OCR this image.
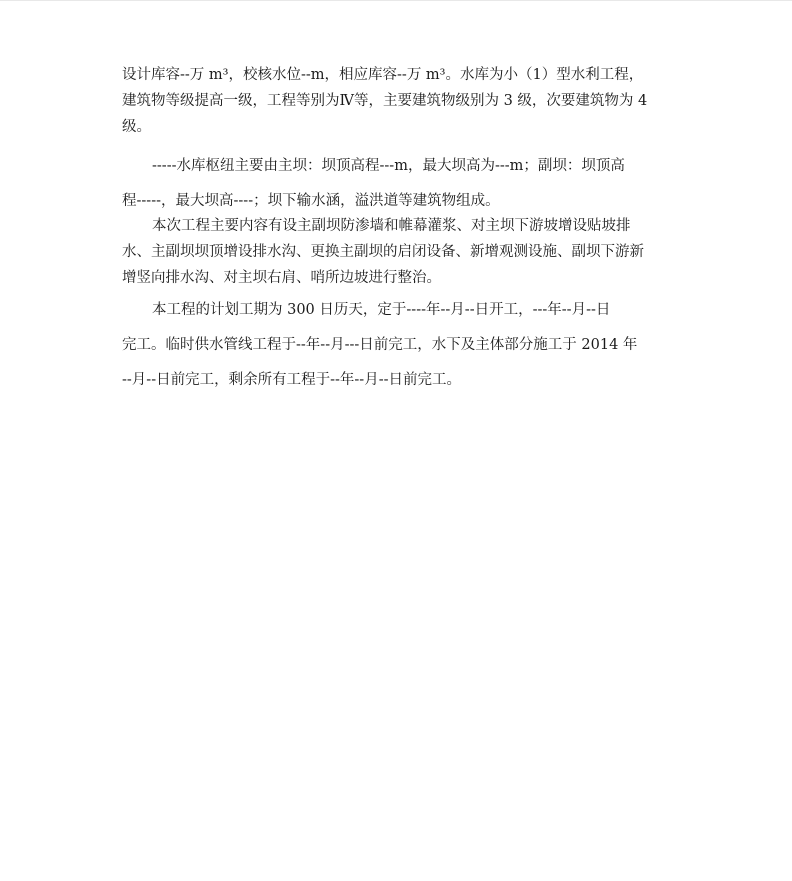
设计库容--万 m³，校核水位--m，相应库容--万 m³。水库为小（1）型水利工程，
建筑物等级提高一级，工程等别为Ⅳ等，主要建筑物级别为 3 级，次要建筑物为 4
级。
-----水库枢纽主要由主坝：坝顶高程---m，最大坝高为---m；副坝：坝顶高
程-----，最大坝高----；坝下输水涵，溢洪道等建筑物组成。
本次工程主要内容有设主副坝防渗墙和帷幕灌浆、对主坝下游坡增设贴坡排
水、主副坝坝顶增设排水沟、更换主副坝的启闭设备、新增观测设施、副坝下游新
增竖向排水沟、对主坝右肩、哨所边坡进行整治。
本工程的计划工期为 300 日历天，定于----年--月--日开工，---年--月--日
完工。临时供水管线工程于--年--月---日前完工，水下及主体部分施工于 2014 年
--月--日前完工，剩余所有工程于--年--月--日前完工。
